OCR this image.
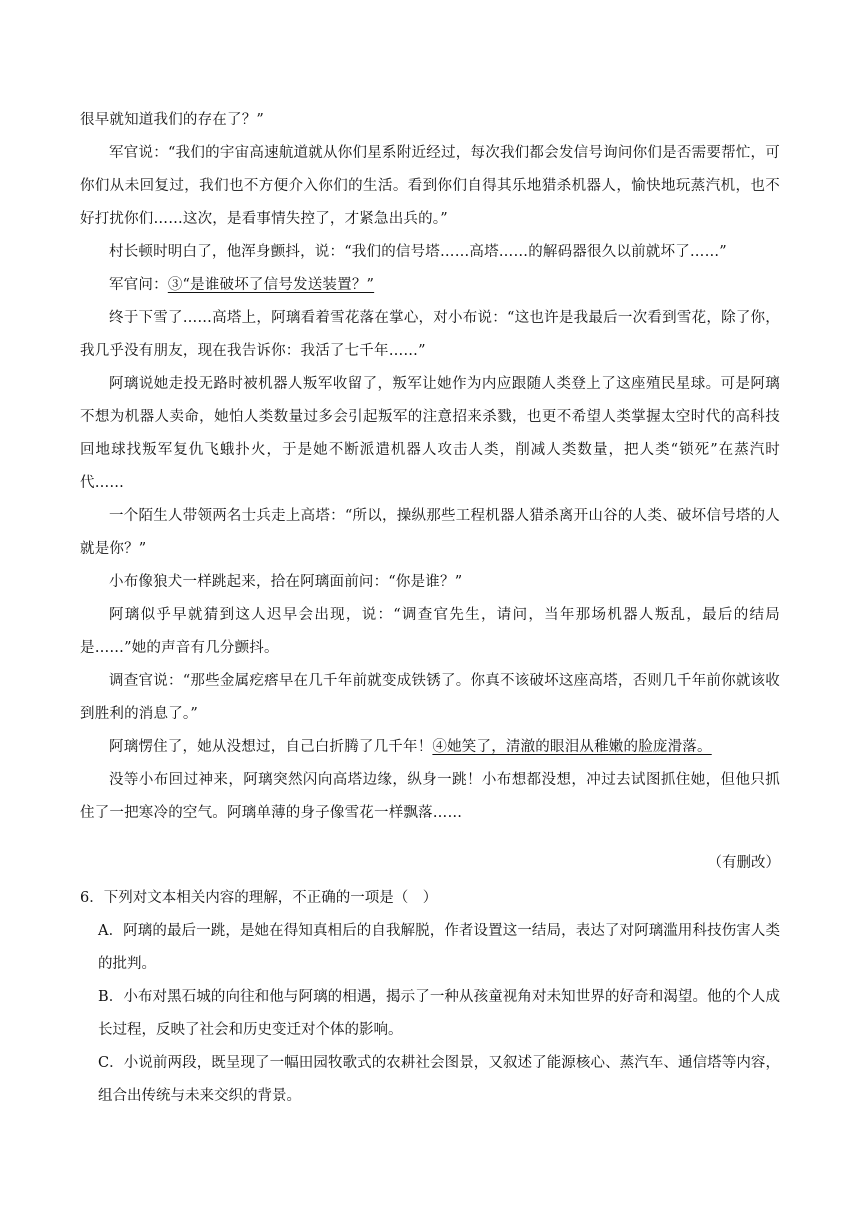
很早就知道我们的存在了？”
军官说：“我们的宇宙高速航道就从你们星系附近经过，每次我们都会发信号询问你们是否需要帮忙，可你们从未回复过，我们也不方便介入你们的生活。看到你们自得其乐地猎杀机器人，愉快地玩蒸汽机，也不好打扰你们……这次，是看事情失控了，才紧急出兵的。”
村长顿时明白了，他浑身颤抖，说：“我们的信号塔……高塔……的解码器很久以前就坏了……”
军官问：③“是谁破坏了信号发送装置？”
终于下雪了……高塔上，阿璃看着雪花落在掌心，对小布说：“这也许是我最后一次看到雪花，除了你，我几乎没有朋友，现在我告诉你：我活了七千年……”
阿璃说她走投无路时被机器人叛军收留了，叛军让她作为内应跟随人类登上了这座殖民星球。可是阿璃不想为机器人卖命，她怕人类数量过多会引起叛军的注意招来杀戮，也更不希望人类掌握太空时代的高科技回地球找叛军复仇飞蛾扑火，于是她不断派遣机器人攻击人类，削减人类数量，把人类“锁死”在蒸汽时代……
一个陌生人带领两名士兵走上高塔：“所以，操纵那些工程机器人猎杀离开山谷的人类、破坏信号塔的人就是你？”
小布像狼犬一样跳起来，拾在阿璃面前问：“你是谁？”
阿璃似乎早就猜到这人迟早会出现，说：“调查官先生，请问，当年那场机器人叛乱，最后的结局是……”她的声音有几分颤抖。
调查官说：“那些金属疙瘩早在几千年前就变成铁锈了。你真不该破坏这座高塔，否则几千年前你就该收到胜利的消息了。”
阿璃愣住了，她从没想过，自己白折腾了几千年！④她笑了，清澈的眼泪从稚嫩的脸庞滑落。
没等小布回过神来，阿璃突然闪向高塔边缘，纵身一跳！小布想都没想，冲过去试图抓住她，但他只抓住了一把寒冷的空气。阿璃单薄的身子像雪花一样飘落……
（有删改）
6．下列对文本相关内容的理解，不正确的一项是（　）
A．阿璃的最后一跳，是她在得知真相后的自我解脱，作者设置这一结局，表达了对阿璃滥用科技伤害人类的批判。
B．小布对黑石城的向往和他与阿璃的相遇，揭示了一种从孩童视角对未知世界的好奇和渴望。他的个人成长过程，反映了社会和历史变迁对个体的影响。
C．小说前两段，既呈现了一幅田园牧歌式的农耕社会图景，又叙述了能源核心、蒸汽车、通信塔等内容，组合出传统与未来交织的背景。
